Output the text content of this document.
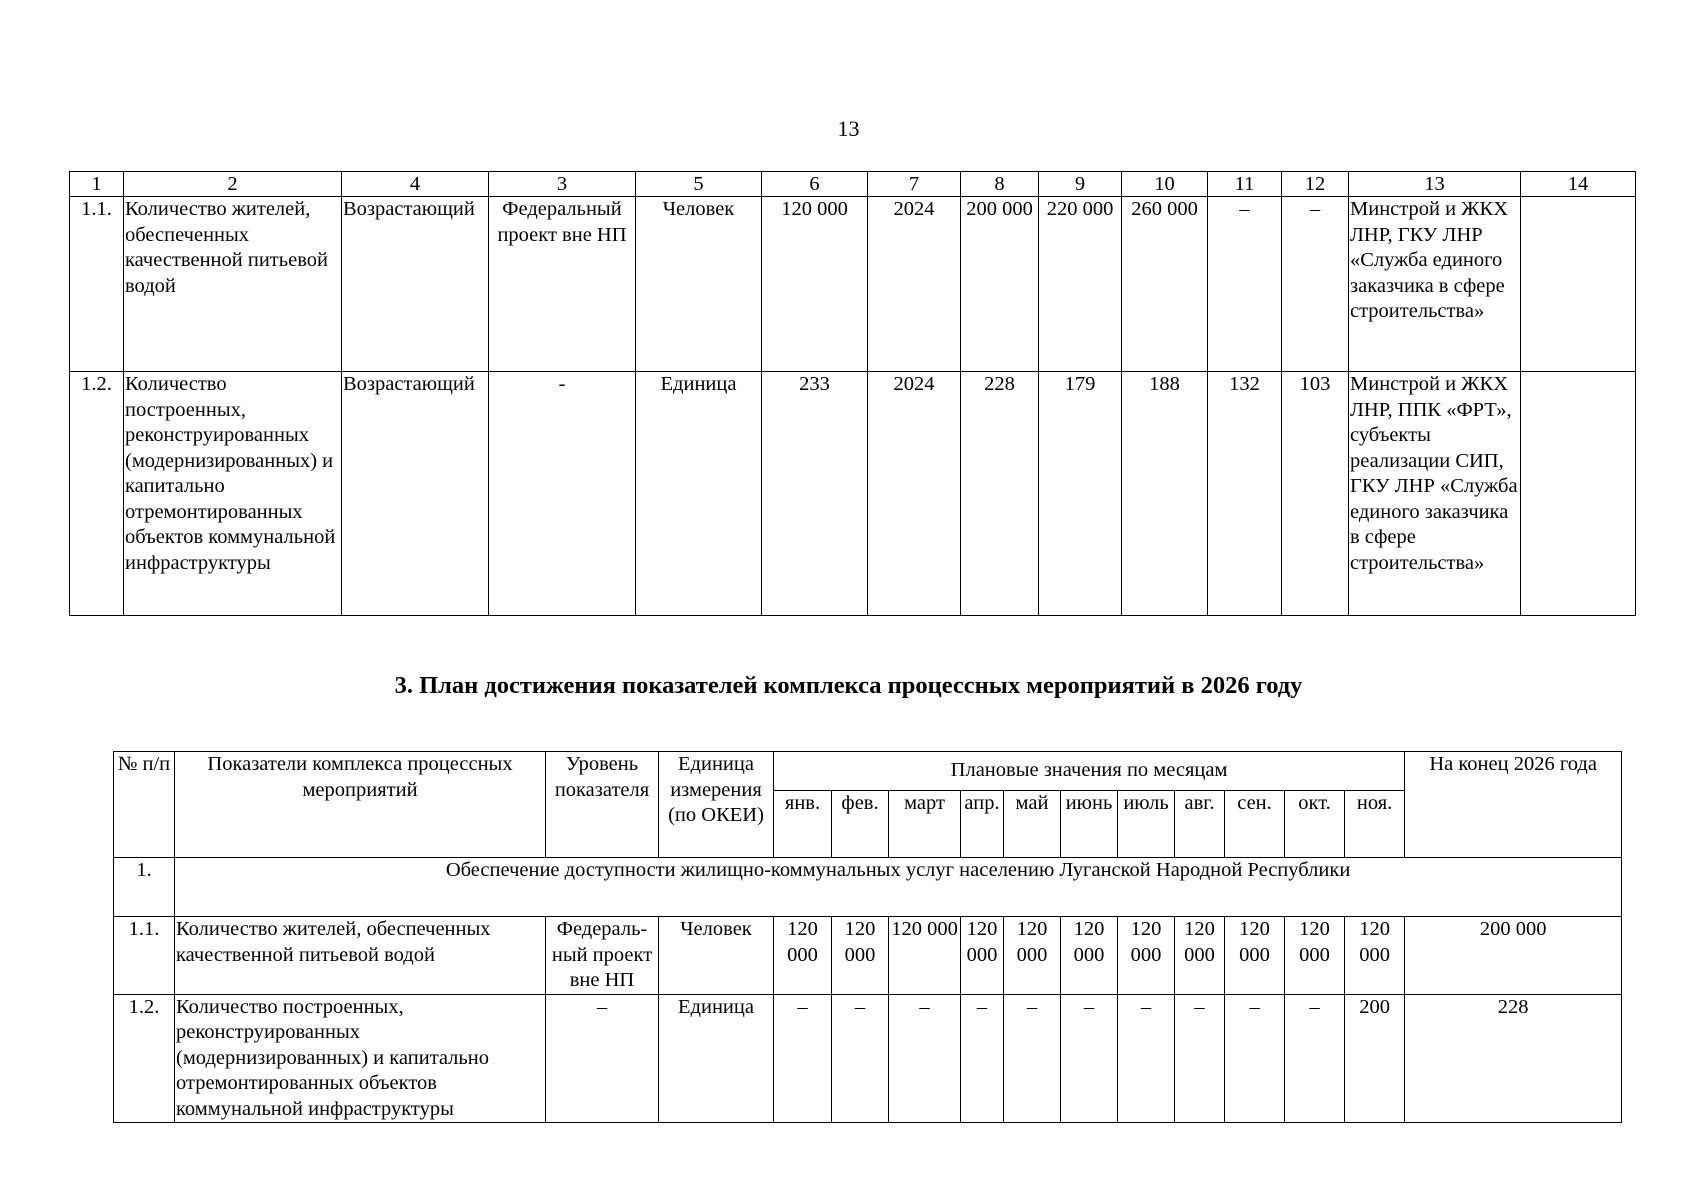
13
1	2	4	3	5	6	7	8	9	10	11	12	13	14
1.1.	Количество жителей, обеспеченных качественной питьевой водой	Возрастающий	Федеральный проект вне НП	Человек	120 000	2024	200 000	220 000	260 000	–	–	Минстрой и ЖКХ ЛНР, ГКУ ЛНР «Служба единого заказчика в сфере строительства»	
1.2.	Количество построенных, реконструированных (модернизированных) и капитально отремонтированных объектов коммунальной инфраструктуры	Возрастающий	-	Единица	233	2024	228	179	188	132	103	Минстрой и ЖКХ ЛНР, ППК «ФРТ», субъекты реализации СИП, ГКУ ЛНР «Служба единого заказчика в сфере строительства»	
3. План достижения показателей комплекса процессных мероприятий в 2026 году
№ п/п	Показатели комплекса процессных мероприятий	Уровень показателя	Единица измерения (по ОКЕИ)	Плановые значения по месяцам											На конец 2026 года
				янв.	фев.	март	апр.	май	июнь	июль	авг.	сен.	окт.	ноя.	
1.	Обеспечение доступности жилищно-коммунальных услуг населению Луганской Народной Республики														
1.1.	Количество жителей, обеспеченных качественной питьевой водой	Федераль-ный проект вне НП	Человек	120 000	120 000	120 000	120 000	120 000	120 000	120 000	120 000	120 000	120 000	120 000	200 000
1.2.	Количество построенных, реконструированных (модернизированных) и капитально отремонтированных объектов коммунальной инфраструктуры	–	Единица	–	–	–	–	–	–	–	–	–	–	200	228
